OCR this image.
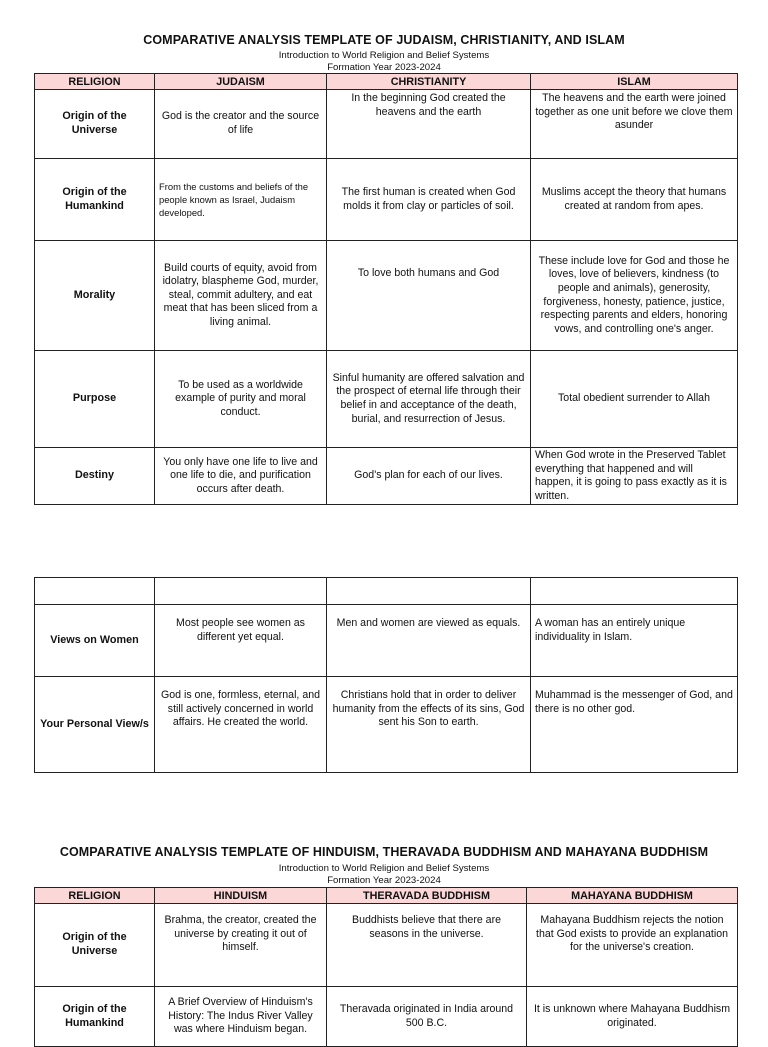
COMPARATIVE ANALYSIS TEMPLATE OF JUDAISM, CHRISTIANITY, AND ISLAM
Introduction to World Religion and Belief Systems
Formation Year 2023-2024
RELIGION	JUDAISM	CHRISTIANITY	ISLAM
Origin of the Universe	God is the creator and the source of life	In the beginning God created the heavens and the earth	The heavens and the earth were joined together as one unit before we clove them asunder
Origin of the Humankind	From the customs and beliefs of the people known as Israel, Judaism developed.	The first human is created when God molds it from clay or particles of soil.	Muslims accept the theory that humans created at random from apes.
Morality	Build courts of equity, avoid from idolatry, blaspheme God, murder, steal, commit adultery, and eat meat that has been sliced from a living animal.	To love both humans and God	These include love for God and those he loves, love of believers, kindness (to people and animals), generosity, forgiveness, honesty, patience, justice, respecting parents and elders, honoring vows, and controlling one's anger.
Purpose	To be used as a worldwide example of purity and moral conduct.	Sinful humanity are offered salvation and the prospect of eternal life through their belief in and acceptance of the death, burial, and resurrection of Jesus.	Total obedient surrender to Allah
Destiny	You only have one life to live and one life to die, and purification occurs after death.	God's plan for each of our lives.	When God wrote in the Preserved Tablet everything that happened and will happen, it is going to pass exactly as it is written.

Views on Women	Most people see women as different yet equal.	Men and women are viewed as equals.	A woman has an entirely unique individuality in Islam.
Your Personal View/s	God is one, formless, eternal, and still actively concerned in world affairs. He created the world.	Christians hold that in order to deliver humanity from the effects of its sins, God sent his Son to earth.	Muhammad is the messenger of God, and there is no other god.
COMPARATIVE ANALYSIS TEMPLATE OF HINDUISM, THERAVADA BUDDHISM AND MAHAYANA BUDDHISM
Introduction to World Religion and Belief Systems
Formation Year 2023-2024
RELIGION	HINDUISM	THERAVADA BUDDHISM	MAHAYANA BUDDHISM
Origin of the Universe	Brahma, the creator, created the universe by creating it out of himself.	Buddhists believe that there are seasons in the universe.	Mahayana Buddhism rejects the notion that God exists to provide an explanation for the universe's creation.
Origin of the Humankind	A Brief Overview of Hinduism's History: The Indus River Valley was where Hinduism began.	Theravada originated in India around 500 B.C.	It is unknown where Mahayana Buddhism originated.
